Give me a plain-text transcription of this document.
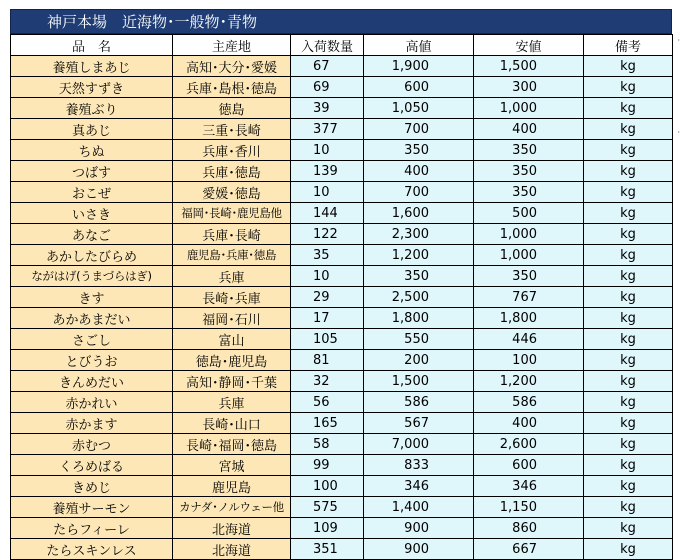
神戸本場　近海物･一般物･青物
品　名	主産地	入荷数量	高値	安値	備考
養殖しまあじ	高知･大分･愛媛	67	1,900	1,500	kg
天然すずき	兵庫･島根･徳島	69	600	300	kg
養殖ぶり	徳島	39	1,050	1,000	kg
真あじ	三重･長崎	377	700	400	kg
ちぬ	兵庫･香川	10	350	350	kg
つばす	兵庫･徳島	139	400	350	kg
おこぜ	愛媛･徳島	10	700	350	kg
いさき	福岡･長崎･鹿児島他	144	1,600	500	kg
あなご	兵庫･長崎	122	2,300	1,000	kg
あかしたびらめ	鹿児島･兵庫･徳島	35	1,200	1,000	kg
ながはげ(うまづらはぎ)	兵庫	10	350	350	kg
きす	長崎･兵庫	29	2,500	767	kg
あかあまだい	福岡･石川	17	1,800	1,800	kg
さごし	富山	105	550	446	kg
とびうお	徳島･鹿児島	81	200	100	kg
きんめだい	高知･静岡･千葉	32	1,500	1,200	kg
赤かれい	兵庫	56	586	586	kg
赤かます	長崎･山口	165	567	400	kg
赤むつ	長崎･福岡･徳島	58	7,000	2,600	kg
くろめばる	宮城	99	833	600	kg
きめじ	鹿児島	100	346	346	kg
養殖サーモン	カナダ･ノルウェー他	575	1,400	1,150	kg
たらフィーレ	北海道	109	900	860	kg
たらスキンレス	北海道	351	900	667	kg
·
·
